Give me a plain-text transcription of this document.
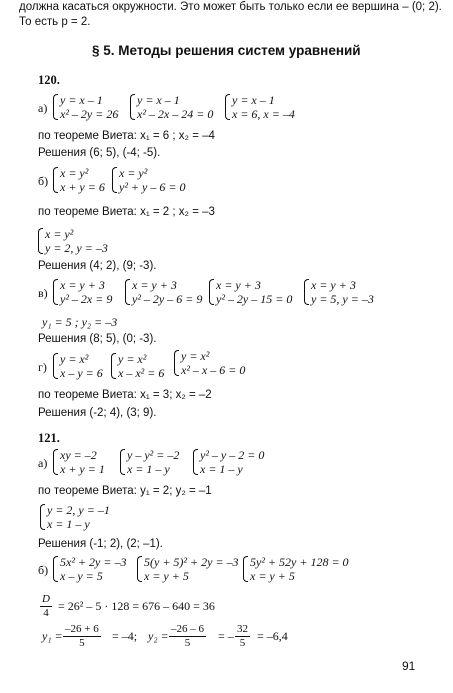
должна касаться окружности. Это может быть только если ее вершина – (0; 2).
То есть p = 2.
§ 5. Методы решения систем уравнений
120.
а)
y = x – 1
x² – 2y = 26
y = x – 1
x² – 2x – 24 = 0
y = x – 1
x = 6, x = –4
по теореме Виета: x₁ = 6 ; x₂ = –4
Решения (6; 5), (-4; -5).
б)
x = y²
x + y = 6
x = y²
y² + y – 6 = 0
по теореме Виета: x₁ = 2 ; x₂ = –3
x = y²
y = 2, y = –3
Решения (4; 2), (9; -3).
в)
x = y + 3
y² – 2x = 9
x = y + 3
y² – 2y – 6 = 9
x = y + 3
y² – 2y – 15 = 0
x = y + 3
y = 5, y = –3
y₁ = 5 ; y₂ = –3
Решения (8; 5), (0; -3).
г)
y = x²
x – y = 6
y = x²
x – x² = 6
y = x²
x² – x – 6 = 0
по теореме Виета: x₁ = 3; x₂ = –2
Решения (-2; 4), (3; 9).
121.
а)
xy = –2
x + y = 1
y – y² = –2
x = 1 – y
y² – y – 2 = 0
x = 1 – y
по теореме Виета: y₁ = 2; y₂ = –1
y = 2, y = –1
x = 1 – y
Решения (-1; 2), (2; –1).
б)
5x² + 2y = –3
x – y = 5
5(y + 5)² + 2y = –3
x = y + 5
5y² + 52y + 128 = 0
x = y + 5
$\frac{D}{4} = 26^2 - 5 \cdot 128 = 676 - 640 = 36$
$y_1 = \frac{-26 + 6}{5} = -4$; $y_2 = \frac{-26 - 6}{5}$ = – $\frac{32}{5} = -6,4$
91
